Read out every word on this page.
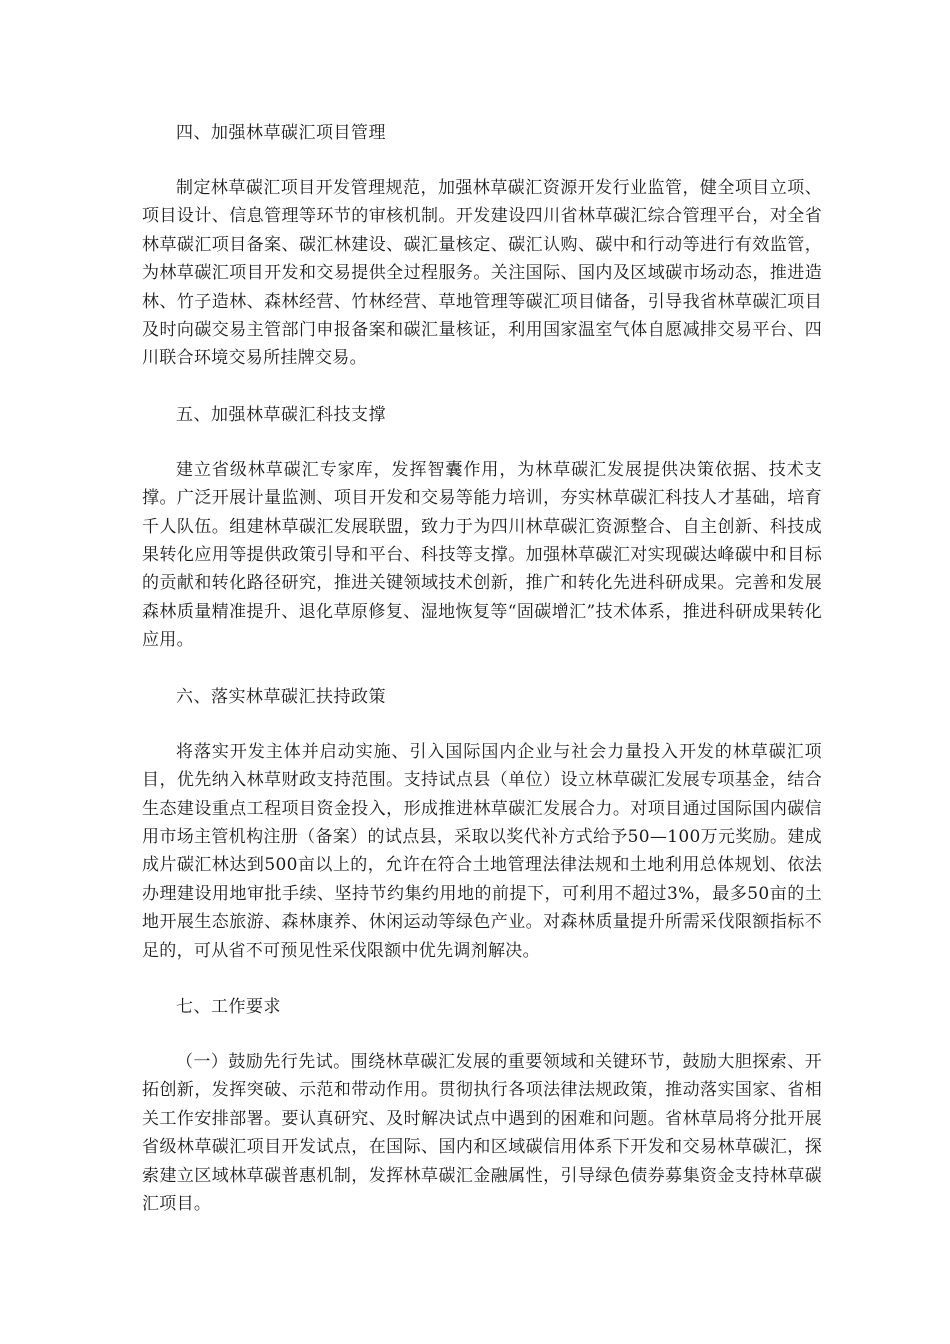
四、加强林草碳汇项目管理

制定林草碳汇项目开发管理规范，加强林草碳汇资源开发行业监管，健全项目立项、项目设计、信息管理等环节的审核机制。开发建设四川省林草碳汇综合管理平台，对全省林草碳汇项目备案、碳汇林建设、碳汇量核定、碳汇认购、碳中和行动等进行有效监管，为林草碳汇项目开发和交易提供全过程服务。关注国际、国内及区域碳市场动态，推进造林、竹子造林、森林经营、竹林经营、草地管理等碳汇项目储备，引导我省林草碳汇项目及时向碳交易主管部门申报备案和碳汇量核证，利用国家温室气体自愿减排交易平台、四川联合环境交易所挂牌交易。

五、加强林草碳汇科技支撑

建立省级林草碳汇专家库，发挥智囊作用，为林草碳汇发展提供决策依据、技术支撑。广泛开展计量监测、项目开发和交易等能力培训，夯实林草碳汇科技人才基础，培育千人队伍。组建林草碳汇发展联盟，致力于为四川林草碳汇资源整合、自主创新、科技成果转化应用等提供政策引导和平台、科技等支撑。加强林草碳汇对实现碳达峰碳中和目标的贡献和转化路径研究，推进关键领域技术创新，推广和转化先进科研成果。完善和发展森林质量精准提升、退化草原修复、湿地恢复等“固碳增汇”技术体系，推进科研成果转化应用。

六、落实林草碳汇扶持政策

将落实开发主体并启动实施、引入国际国内企业与社会力量投入开发的林草碳汇项目，优先纳入林草财政支持范围。支持试点县（单位）设立林草碳汇发展专项基金，结合生态建设重点工程项目资金投入，形成推进林草碳汇发展合力。对项目通过国际国内碳信用市场主管机构注册（备案）的试点县，采取以奖代补方式给予50—100万元奖励。建成成片碳汇林达到500亩以上的，允许在符合土地管理法律法规和土地利用总体规划、依法办理建设用地审批手续、坚持节约集约用地的前提下，可利用不超过3%，最多50亩的土地开展生态旅游、森林康养、休闲运动等绿色产业。对森林质量提升所需采伐限额指标不足的，可从省不可预见性采伐限额中优先调剂解决。

七、工作要求

（一）鼓励先行先试。围绕林草碳汇发展的重要领域和关键环节，鼓励大胆探索、开拓创新，发挥突破、示范和带动作用。贯彻执行各项法律法规政策，推动落实国家、省相关工作安排部署。要认真研究、及时解决试点中遇到的困难和问题。省林草局将分批开展省级林草碳汇项目开发试点，在国际、国内和区域碳信用体系下开发和交易林草碳汇，探索建立区域林草碳普惠机制，发挥林草碳汇金融属性，引导绿色债券募集资金支持林草碳汇项目。
